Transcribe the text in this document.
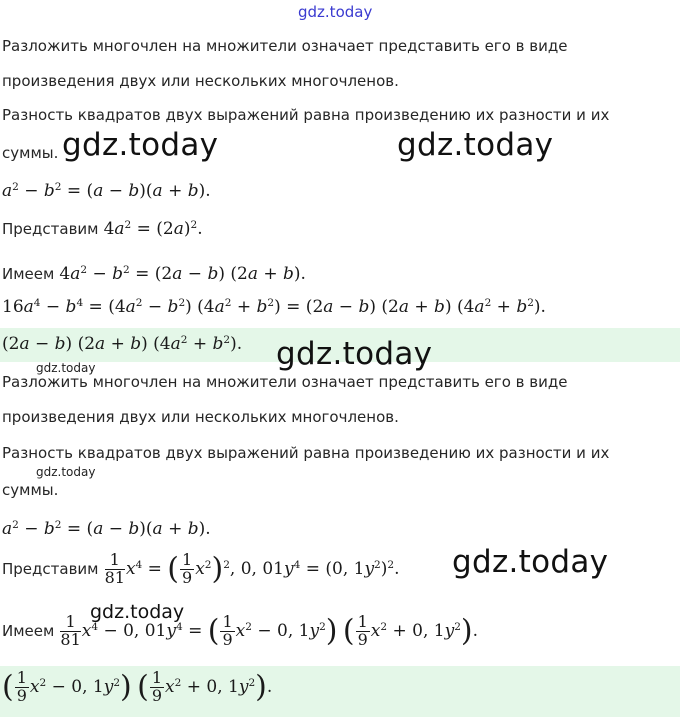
gdz.today
Разложить многочлен на множители означает представить его в виде
произведения двух или нескольких многочленов.
Разность квадратов двух выражений равна произведению их разности и их
суммы. gdz.today	gdz.today
$a^2 - b^2 = (a - b)(a + b)$.
Представим $4a^2 = (2a)^2$.
Имеем $4a^2 - b^2 = (2a - b) (2a + b)$.
$16a^4 - b^4 = (4a^2 - b^2) (4a^2 + b^2) = (2a - b) (2a + b) (4a^2 + b^2)$.
(2a − b) (2a + b) $(4a^2 + b^2)$. gdz.today
gdz.today
Разложить многочлен на множители означает представить его в виде
произведения двух или нескольких многочленов.
Разность квадратов двух выражений равна произведению их разности и их
gdz.today
суммы.
$a^2 - b^2 = (a - b)(a + b)$.
Представим $\frac{1}{81} x^4$ = ( $\frac{1}{9} x^2)^2$, 0, $01y^4 = (0$, $1y^2)^2$. gdz.today
gdz.today
Имеем $\frac{1}{81} x^4 - 0$, $01y^4$ = ( $\frac{1}{9} x^2 - 0$, $1y^2$) ( $\frac{1}{9} x^2 + 0$, $1y^2$).
( $\frac{1}{9} x^2 - 0$, $1y^2$) ( $\frac{1}{9} x^2 + 0$, $1y^2$).
